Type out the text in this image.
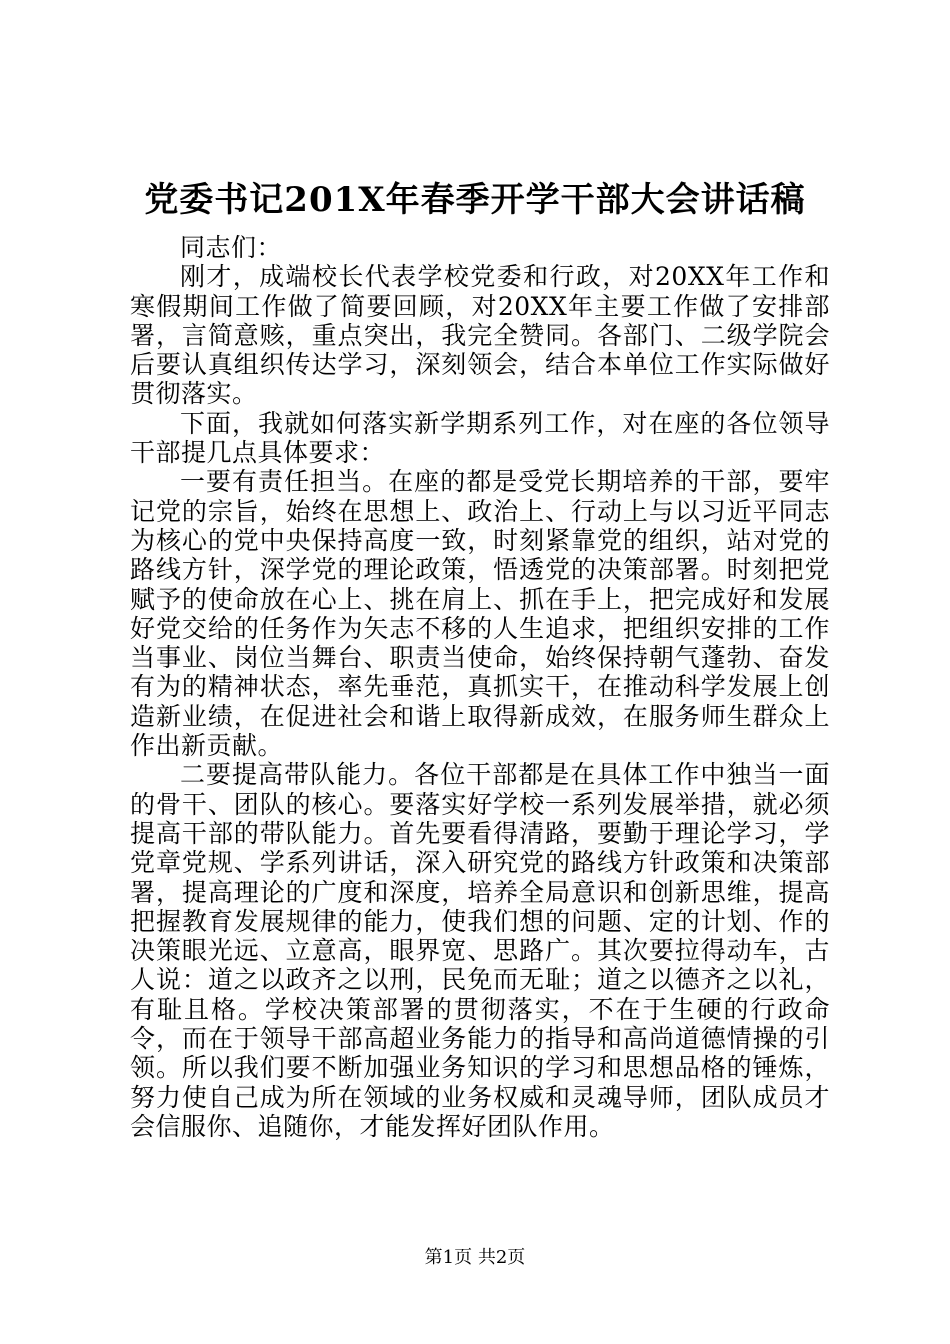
党委书记201X年春季开学干部大会讲话稿

同志们：

刚才，成端校长代表学校党委和行政，对20XX年工作和寒假期间工作做了简要回顾，对20XX年主要工作做了安排部署，言简意赅，重点突出，我完全赞同。各部门、二级学院会后要认真组织传达学习，深刻领会，结合本单位工作实际做好贯彻落实。

下面，我就如何落实新学期系列工作，对在座的各位领导干部提几点具体要求：

一要有责任担当。在座的都是受党长期培养的干部，要牢记党的宗旨，始终在思想上、政治上、行动上与以习近平同志为核心的党中央保持高度一致，时刻紧靠党的组织，站对党的路线方针，深学党的理论政策，悟透党的决策部署。时刻把党赋予的使命放在心上、挑在肩上、抓在手上，把完成好和发展好党交给的任务作为矢志不移的人生追求，把组织安排的工作当事业、岗位当舞台、职责当使命，始终保持朝气蓬勃、奋发有为的精神状态，率先垂范，真抓实干，在推动科学发展上创造新业绩，在促进社会和谐上取得新成效，在服务师生群众上作出新贡献。

二要提高带队能力。各位干部都是在具体工作中独当一面的骨干、团队的核心。要落实好学校一系列发展举措，就必须提高干部的带队能力。首先要看得清路，要勤于理论学习，学党章党规、学系列讲话，深入研究党的路线方针政策和决策部署，提高理论的广度和深度，培养全局意识和创新思维，提高把握教育发展规律的能力，使我们想的问题、定的计划、作的决策眼光远、立意高，眼界宽、思路广。其次要拉得动车，古人说：道之以政齐之以刑，民免而无耻；道之以德齐之以礼，有耻且格。学校决策部署的贯彻落实，不在于生硬的行政命令，而在于领导干部高超业务能力的指导和高尚道德情操的引领。所以我们要不断加强业务知识的学习和思想品格的锤炼，努力使自己成为所在领域的业务权威和灵魂导师，团队成员才会信服你、追随你，才能发挥好团队作用。

第1页 共2页
